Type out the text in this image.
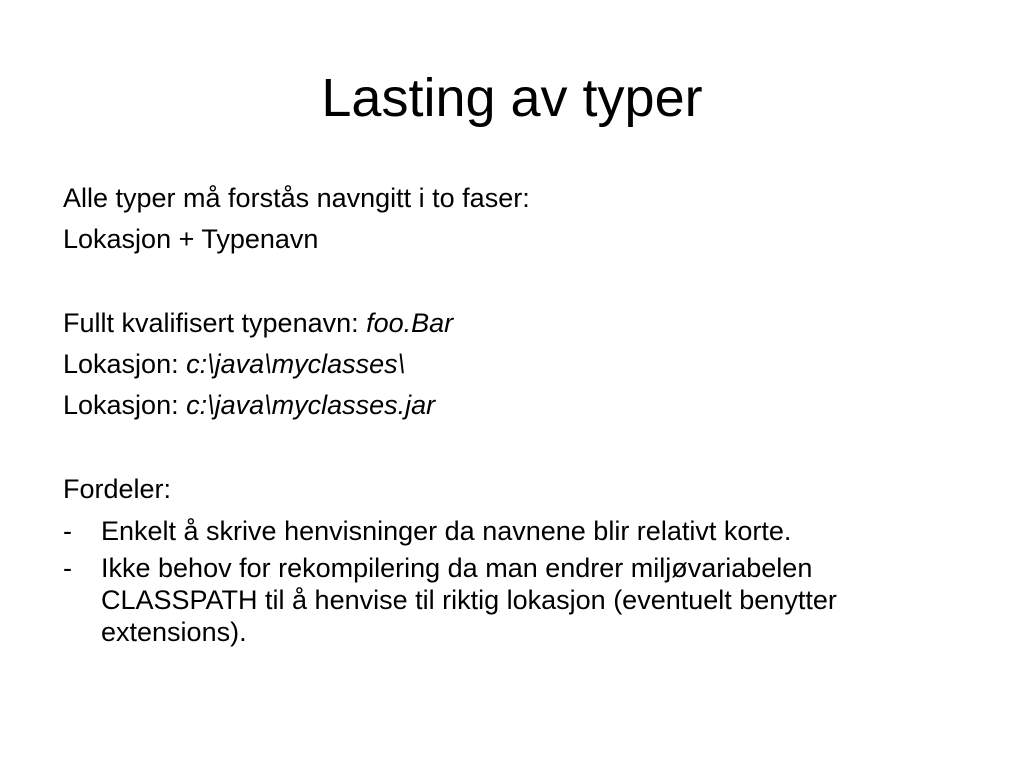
Lasting av typer
Alle typer må forstås navngitt i to faser:
Lokasjon + Typenavn
Fullt kvalifisert typenavn: foo.Bar
Lokasjon: c:\java\myclasses\
Lokasjon: c:\java\myclasses.jar
Fordeler:
-	Enkelt å skrive henvisninger da navnene blir relativt korte.
-	Ikke behov for rekompilering da man endrer miljøvariabelen CLASSPATH til å henvise til riktig lokasjon (eventuelt benytter extensions).
